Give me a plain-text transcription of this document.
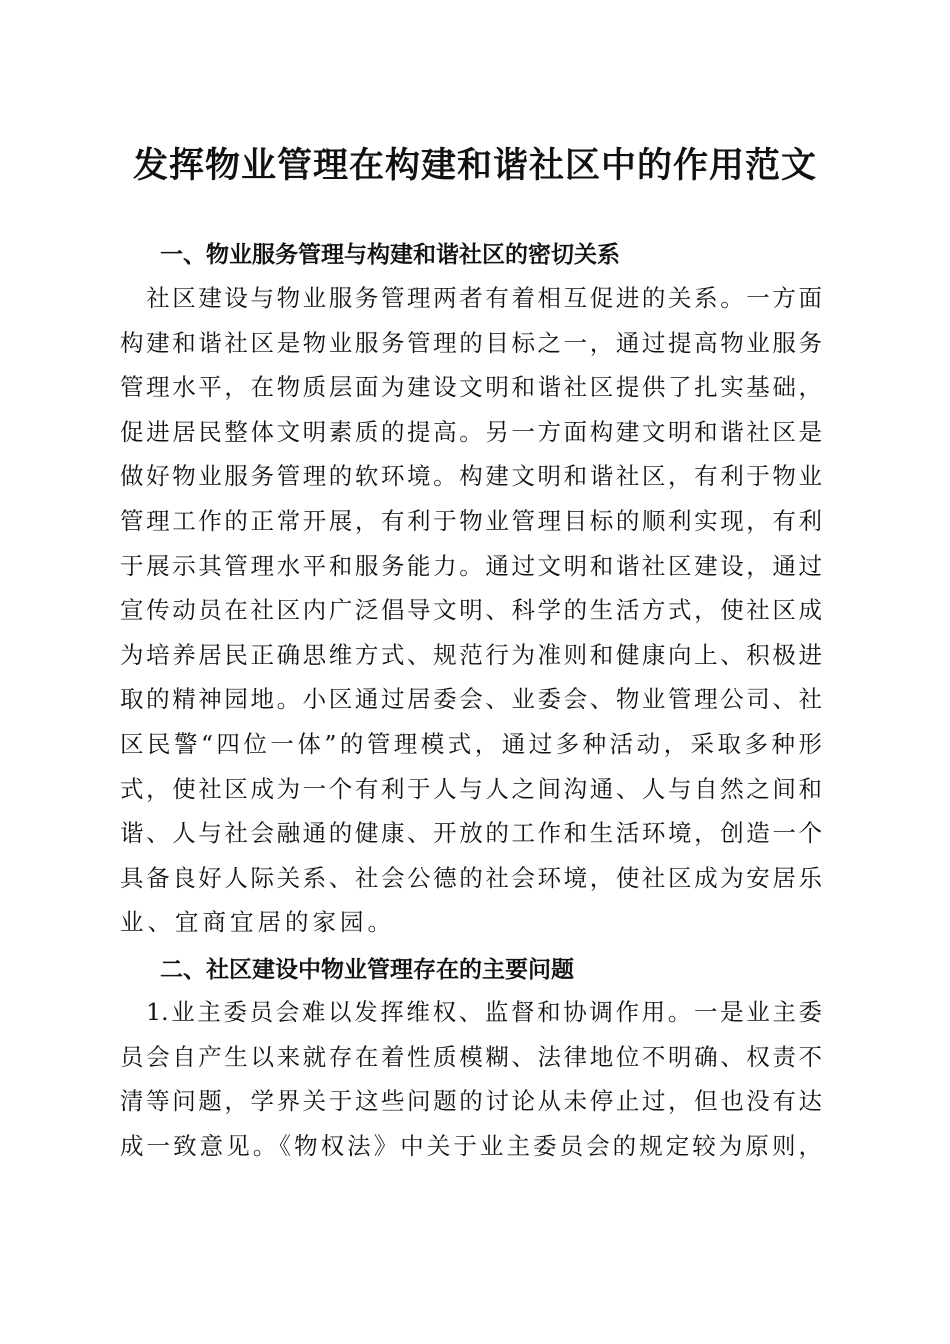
发挥物业管理在构建和谐社区中的作用范文
一、物业服务管理与构建和谐社区的密切关系
　社区建设与物业服务管理两者有着相互促进的关系。一方面
构建和谐社区是物业服务管理的目标之一，通过提高物业服务
管理水平，在物质层面为建设文明和谐社区提供了扎实基础，
促进居民整体文明素质的提高。另一方面构建文明和谐社区是
做好物业服务管理的软环境。构建文明和谐社区，有利于物业
管理工作的正常开展，有利于物业管理目标的顺利实现，有利
于展示其管理水平和服务能力。通过文明和谐社区建设，通过
宣传动员在社区内广泛倡导文明、科学的生活方式，使社区成
为培养居民正确思维方式、规范行为准则和健康向上、积极进
取的精神园地。小区通过居委会、业委会、物业管理公司、社
区民警“四位一体”的管理模式，通过多种活动，采取多种形
式，使社区成为一个有利于人与人之间沟通、人与自然之间和
谐、人与社会融通的健康、开放的工作和生活环境，创造一个
具备良好人际关系、社会公德的社会环境，使社区成为安居乐
业、宜商宜居的家园。
二、社区建设中物业管理存在的主要问题
　1.业主委员会难以发挥维权、监督和协调作用。一是业主委
员会自产生以来就存在着性质模糊、法律地位不明确、权责不
清等问题，学界关于这些问题的讨论从未停止过，但也没有达
成一致意见。《物权法》中关于业主委员会的规定较为原则，
